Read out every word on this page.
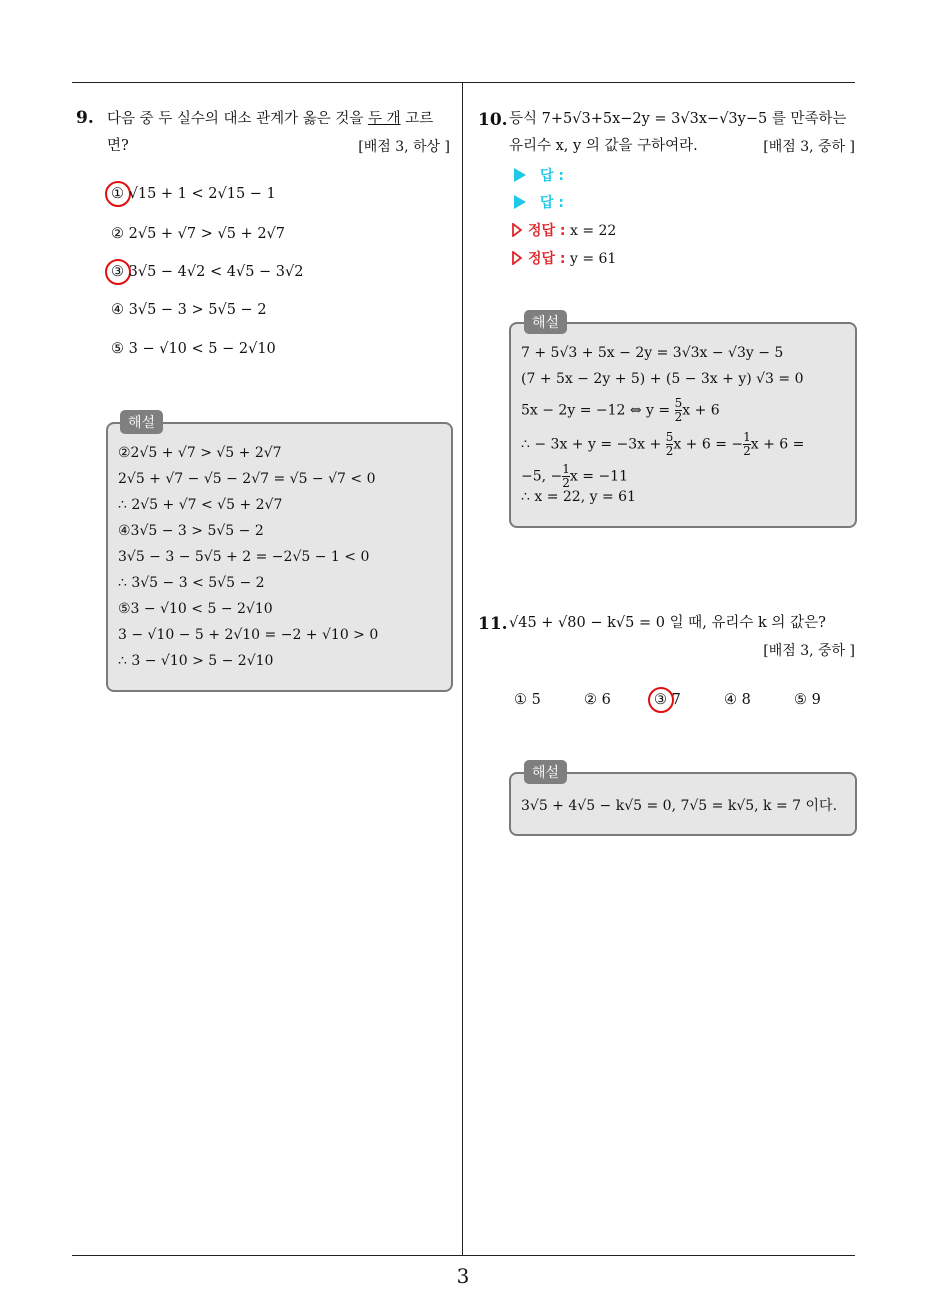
3
9. 다음 중 두 실수의 대소 관계가 옳은 것을 두 개 고르
면?	[배점 3, 하상 ]
① √15 + 1 < 2√15 − 1
② 2√5 + √7 > √5 + 2√7
③ 3√5 − 4√2 < 4√5 − 3√2
④ 3√5 − 3 > 5√5 − 2
⑤ 3 − √10 < 5 − 2√10
해설
②2√5 + √7 > √5 + 2√7
2√5 + √7 − √5 − 2√7 = √5 − √7 < 0
∴ 2√5 + √7 < √5 + 2√7
④3√5 − 3 > 5√5 − 2
3√5 − 3 − 5√5 + 2 = −2√5 − 1 < 0
∴ 3√5 − 3 < 5√5 − 2
⑤3 − √10 < 5 − 2√10
3 − √10 − 5 + 2√10 = −2 + √10 > 0
∴ 3 − √10 > 5 − 2√10
10. 등식 7+5√3+5x−2y = 3√3x−√3y−5 를 만족하는
유리수 x, y 의 값을 구하여라.	[배점 3, 중하 ]
답 :
답 :
정답 : x = 22
정답 : y = 61
해설
7 + 5√3 + 5x − 2y = 3√3x − √3y − 5
(7 + 5x − 2y + 5) + (5 − 3x + y) √3 = 0
5x − 2y = −12 ⇔ $y = \frac{5}{2}$ x + 6
∴ − $3x + y = -3x + \frac{5}{2}$ x + 6 = − $\frac{1}{2}$ x + 6 =
−5, − $\frac{1}{2}$ x = −11
∴ x = 22, y = 61
11. √45 + √80 − k√5 = 0 일 때, 유리수 k 의 값은?
[배점 3, 중하 ]
① 5	② 6	③ 7	④ 8	⑤ 9
해설
3√5 + 4√5 − k√5 = 0, 7√5 = k√5, k = 7 이다.
